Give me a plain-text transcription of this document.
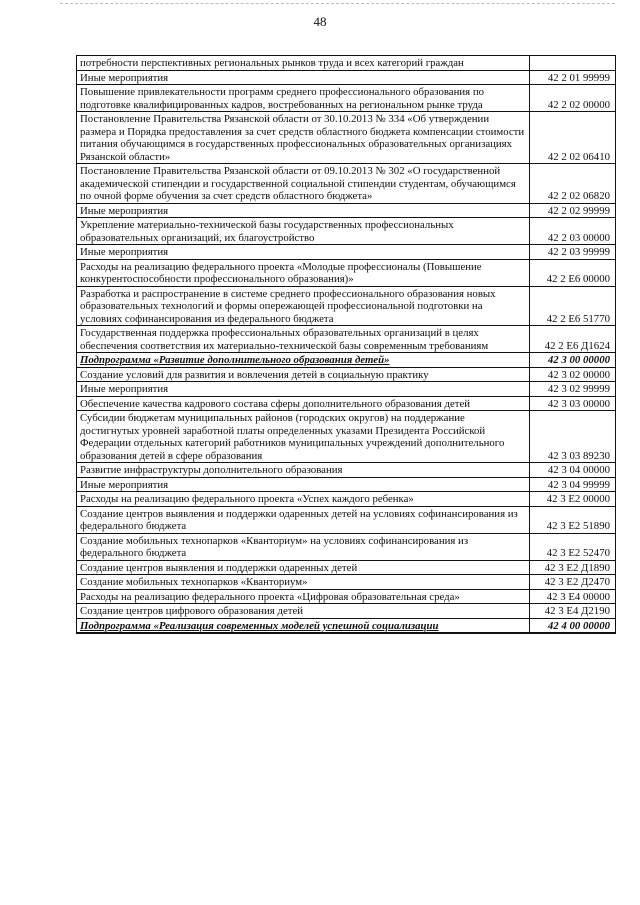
48
потребности перспективных региональных рынков труда и всех категорий граждан	
Иные мероприятия	42 2 01 99999
Повышение привлекательности программ среднего профессионального образования по подготовке квалифицированных кадров, востребованных на региональном рынке труда	42 2 02 00000
Постановление Правительства Рязанской области от 30.10.2013 № 334 «Об утверждении размера и Порядка предоставления за счет средств областного бюджета компенсации стоимости питания обучающимся в государственных профессиональных образовательных организациях Рязанской области»	42 2 02 06410
Постановление Правительства Рязанской области от 09.10.2013 № 302 «О государственной академической стипендии и государственной социальной стипендии студентам, обучающимся по очной форме обучения за счет средств областного бюджета»	42 2 02 06820
Иные мероприятия	42 2 02 99999
Укрепление материально-технической базы государственных профессиональных образовательных организаций, их благоустройство	42 2 03 00000
Иные мероприятия	42 2 03 99999
Расходы на реализацию федерального проекта «Молодые профессионалы (Повышение конкурентоспособности профессионального образования)»	42 2 Е6 00000
Разработка и распространение в системе среднего профессионального образования новых образовательных технологий и формы опережающей профессиональной подготовки на условиях софинансирования из федерального бюджета	42 2 Е6 51770
Государственная поддержка профессиональных образовательных организаций в целях обеспечения соответствия их материально-технической базы современным требованиям	42 2 Е6 Д1624
Подпрограмма «Развитие дополнительного образования детей»	42 3 00 00000
Создание условий для развития и вовлечения детей в социальную практику	42 3 02 00000
Иные мероприятия	42 3 02 99999
Обеспечение качества кадрового состава сферы дополнительного образования детей	42 3 03 00000
Субсидии бюджетам муниципальных районов (городских округов) на поддержание достигнутых уровней заработной платы определенных указами Президента Российской Федерации отдельных категорий работников муниципальных учреждений дополнительного образования детей в сфере образования	42 3 03 89230
Развитие инфраструктуры дополнительного образования	42 3 04 00000
Иные мероприятия	42 3 04 99999
Расходы на реализацию федерального проекта «Успех каждого ребенка»	42 3 Е2 00000
Создание центров выявления и поддержки одаренных детей на условиях софинансирования из федерального бюджета	42 3 Е2 51890
Создание мобильных технопарков «Кванториум» на условиях софинансирования из федерального бюджета	42 3 Е2 52470
Создание центров выявления и поддержки одаренных детей	42 3 Е2 Д1890
Создание мобильных технопарков «Кванториум»	42 3 Е2 Д2470
Расходы на реализацию федерального проекта «Цифровая образовательная среда»	42 3 Е4 00000
Создание центров цифрового образования детей	42 3 Е4 Д2190
Подпрограмма «Реализация современных моделей успешной социализации	42 4 00 00000
